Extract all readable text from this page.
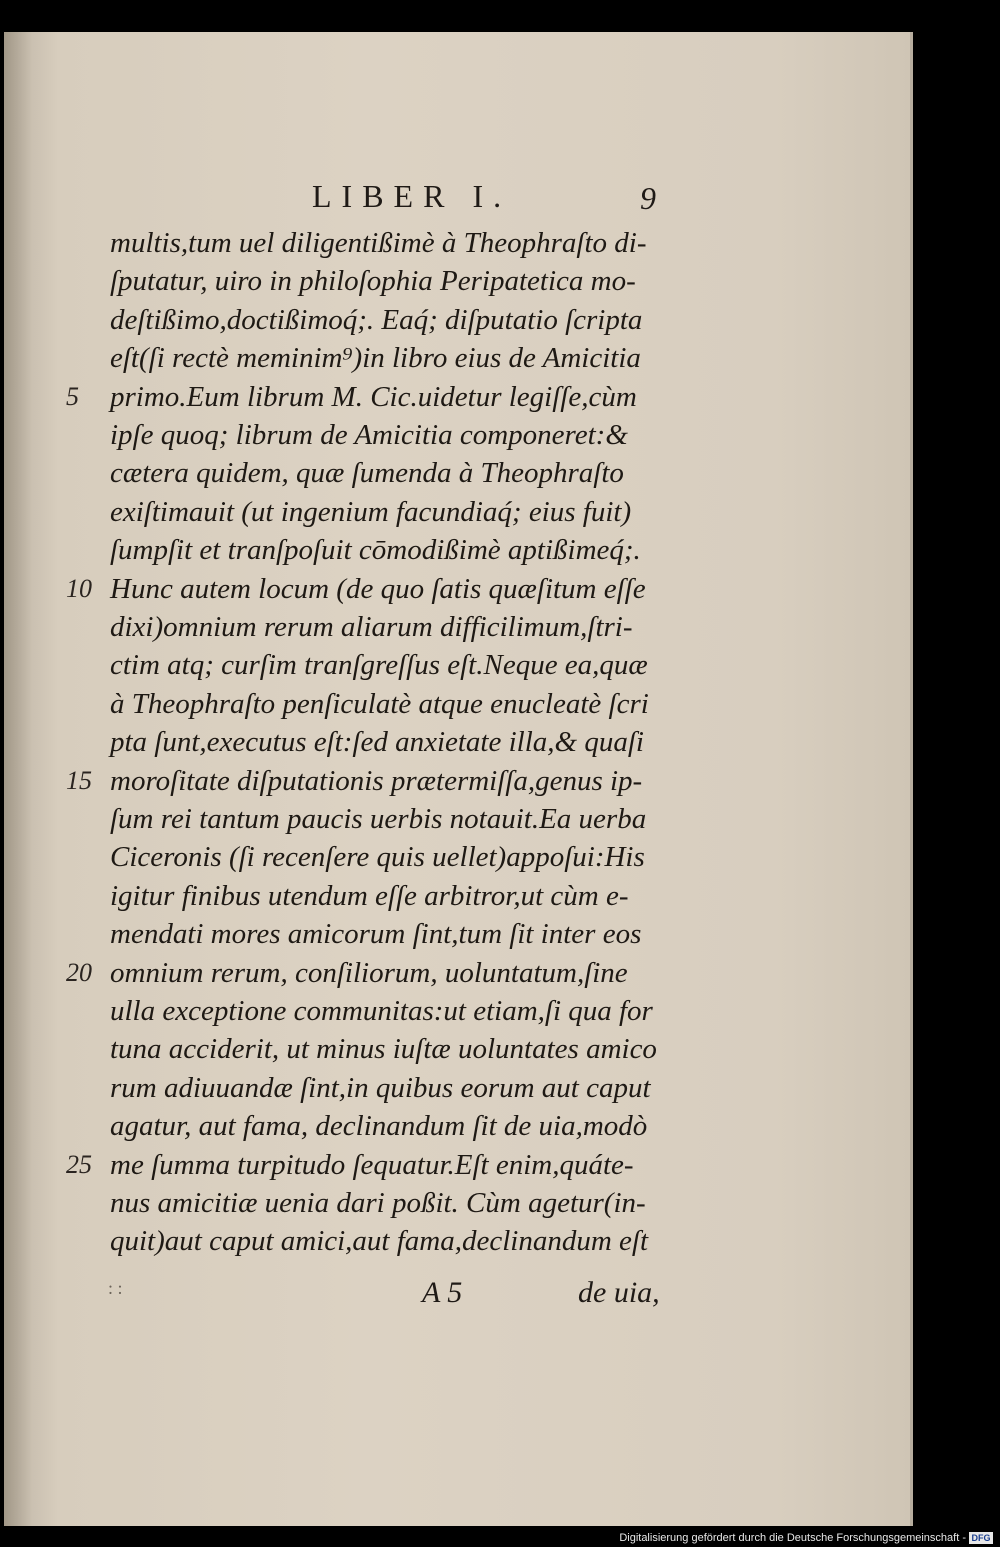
LIBER I.	9
multis,tum uel diligentißimè à Theophraſto di-
ſputatur, uiro in philoſophia Peripatetica mo-
deſtißimo,doctißimoq́;. Eaq́; diſputatio ſcripta
eſt(ſi rectè meminim⁹)in libro eius de Amicitia
primo.Eum librum M. Cic.uidetur legiſſe,cùm
ipſe quoq; librum de Amicitia componeret:&
cætera quidem, quæ ſumenda à Theophraſto
exiſtimauit (ut ingenium facundiaq́; eius fuit)
ſumpſit et tranſpoſuit cōmodißimè aptißimeq́;.
Hunc autem locum (de quo ſatis quæſitum eſſe
dixi)omnium rerum aliarum difficilimum,ſtri-
ctim atq; curſim tranſgreſſus eſt.Neque ea,quæ
à Theophraſto penſiculatè atque enucleatè ſcri
pta ſunt,executus eſt:ſed anxietate illa,& quaſi
moroſitate diſputationis prætermiſſa,genus ip-
ſum rei tantum paucis uerbis notauit.Ea uerba
Ciceronis (ſi recenſere quis uellet)appoſui:His
igitur finibus utendum eſſe arbitror,ut cùm e-
mendati mores amicorum ſint,tum ſit inter eos
omnium rerum, conſiliorum, uoluntatum,ſine
ulla exceptione communitas:ut etiam,ſi qua for
tuna acciderit, ut minus iuſtæ uoluntates amico
rum adiuuandæ ſint,in quibus eorum aut caput
agatur, aut fama, declinandum ſit de uia,modò
me ſumma turpitudo ſequatur.Eſt enim,quáte-
nus amicitiæ uenia dari poßit. Cùm agetur(in-
quit)aut caput amici,aut fama,declinandum eſt
5
10
15
20
25
: :	A 5	de uia,
Digitalisierung gefördert durch die Deutsche Forschungsgemeinschaft - DFG
